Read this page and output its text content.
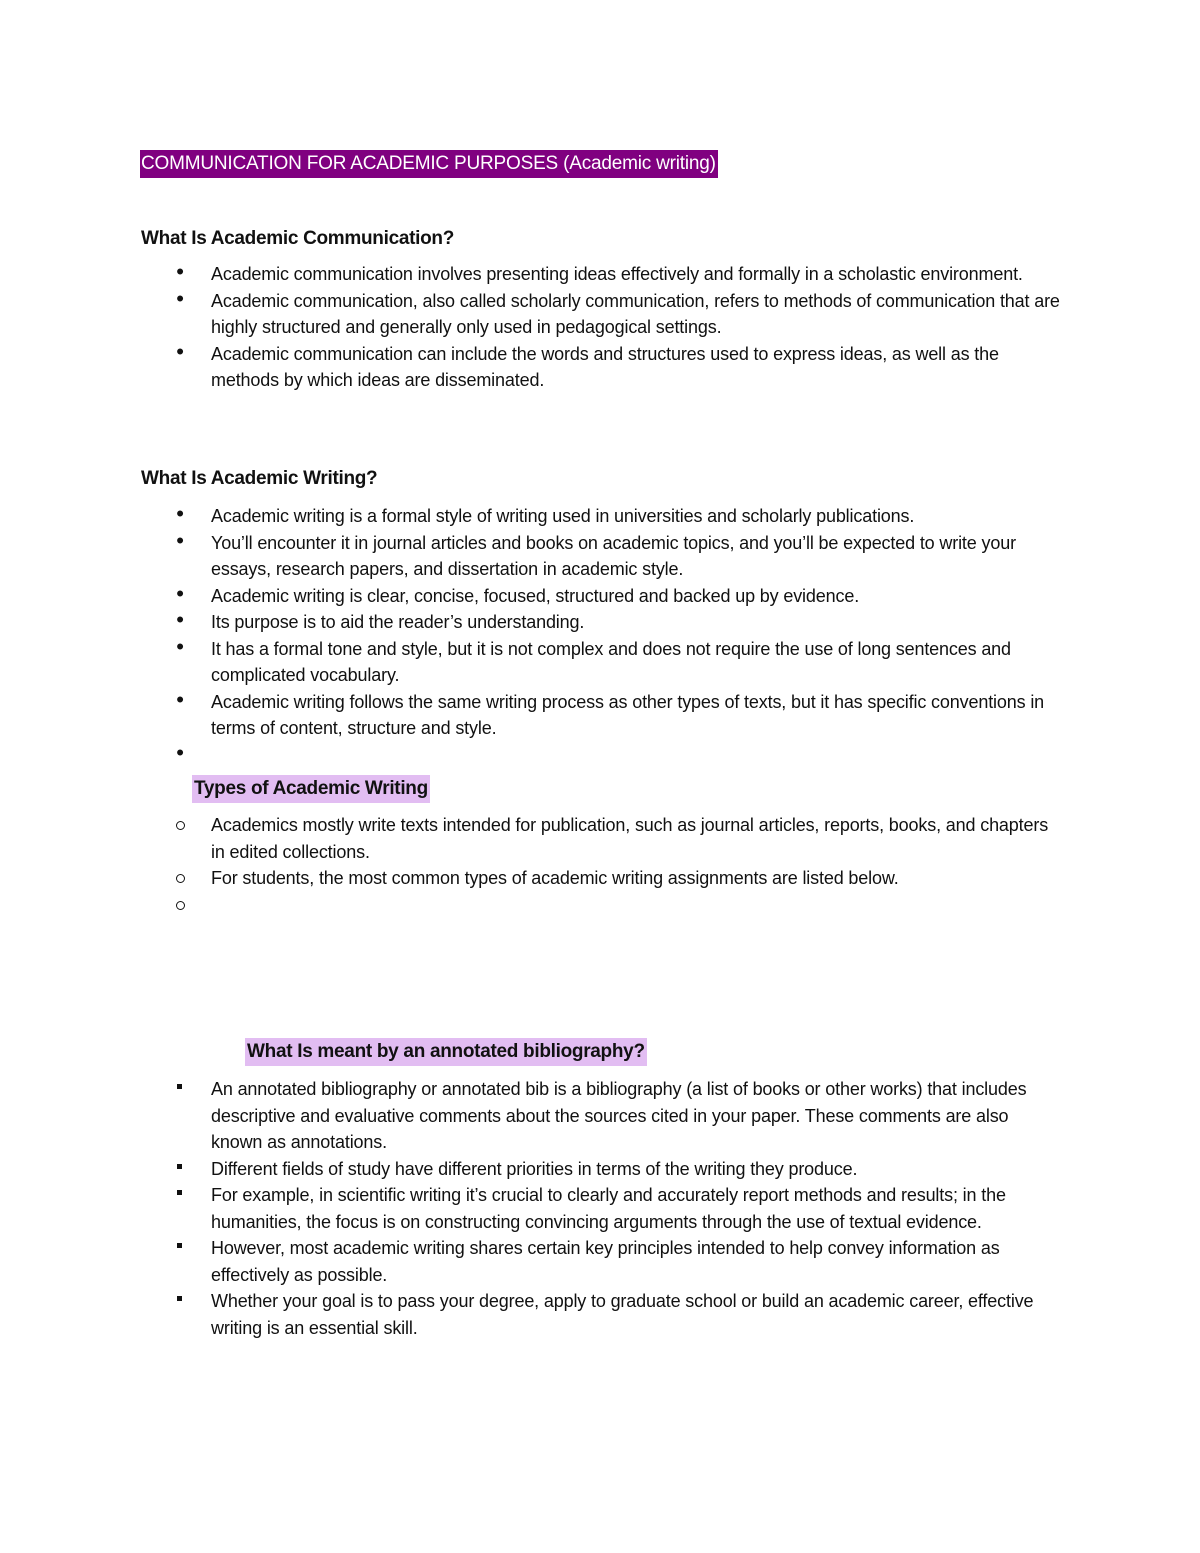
COMMUNICATION FOR ACADEMIC PURPOSES (Academic writing)
What Is Academic Communication?
•
Academic communication involves presenting ideas effectively and formally in a scholastic environment.
•
Academic communication, also called scholarly communication, refers to methods of communication that are highly structured and generally only used in pedagogical settings.
•
Academic communication can include the words and structures used to express ideas, as well as the methods by which ideas are disseminated.
What Is Academic Writing?
•
Academic writing is a formal style of writing used in universities and scholarly publications.
•
You’ll encounter it in journal articles and books on academic topics, and you’ll be expected to write your essays, research papers, and dissertation in academic style.
•
Academic writing is clear, concise, focused, structured and backed up by evidence.
•
Its purpose is to aid the reader’s understanding.
•
It has a formal tone and style, but it is not complex and does not require the use of long sentences and complicated vocabulary.
•
Academic writing follows the same writing process as other types of texts, but it has specific conventions in terms of content, structure and style.
•
Types of Academic Writing
Academics mostly write texts intended for publication, such as journal articles, reports, books, and chapters in edited collections.
For students, the most common types of academic writing assignments are listed below.
What Is meant by an annotated bibliography?
An annotated bibliography or annotated bib is a bibliography (a list of books or other works) that includes descriptive and evaluative comments about the sources cited in your paper. These comments are also known as annotations.
Different fields of study have different priorities in terms of the writing they produce.
For example, in scientific writing it’s crucial to clearly and accurately report methods and results; in the humanities, the focus is on constructing convincing arguments through the use of textual evidence.
However, most academic writing shares certain key principles intended to help convey information as effectively as possible.
Whether your goal is to pass your degree, apply to graduate school or build an academic career, effective writing is an essential skill.
